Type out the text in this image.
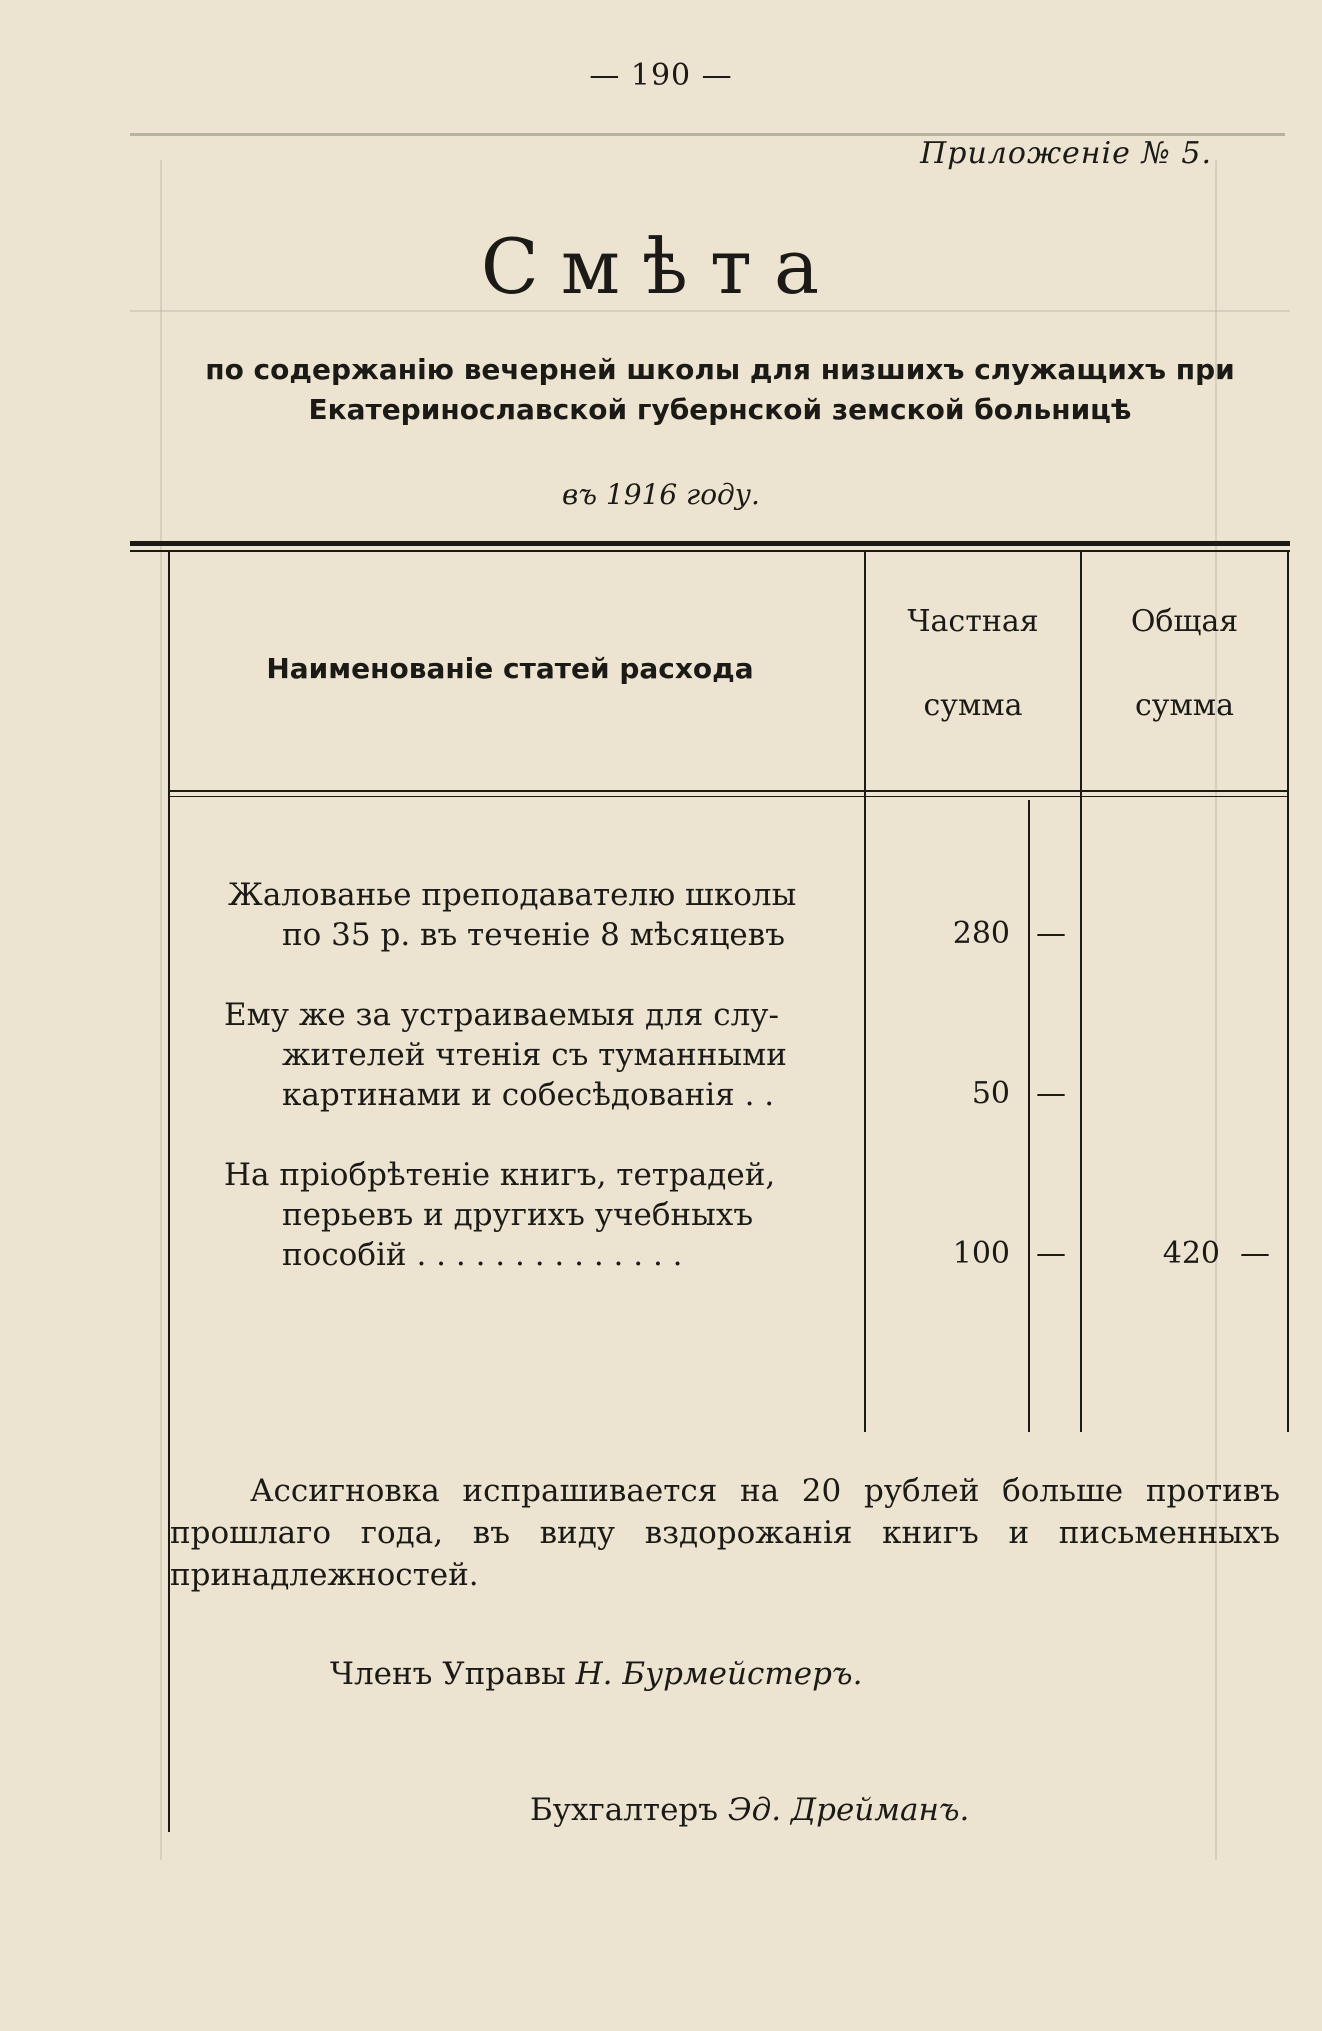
— 190 —
Приложеніе № 5.
Смѣта
по содержанію вечерней школы для низшихъ служащихъ при Екатеринославской губернской земской больницѣ
въ 1916 году.
Наименованіе статей расхода
Частная
сумма
Общая
сумма
Жалованье преподавателю школы
по 35 р. въ теченіе 8 мѣсяцевъ	280 —
Ему же за устраиваемыя для слу-
жителей чтенія съ туманными
картинами и собесѣдованія . .	50 —
На пріобрѣтеніе книгъ, тетрадей,
перьевъ и другихъ учебныхъ
пособій . . . . . . . . . . . . . .	100 —	420 —
Ассигновка испрашивается на 20 рублей больше противъ прошлаго года, въ виду вздорожанія книгъ и письменныхъ принадлежностей.
Членъ Управы Н. Бурмейстеръ.
Бухгалтеръ Эд. Дрейманъ.
